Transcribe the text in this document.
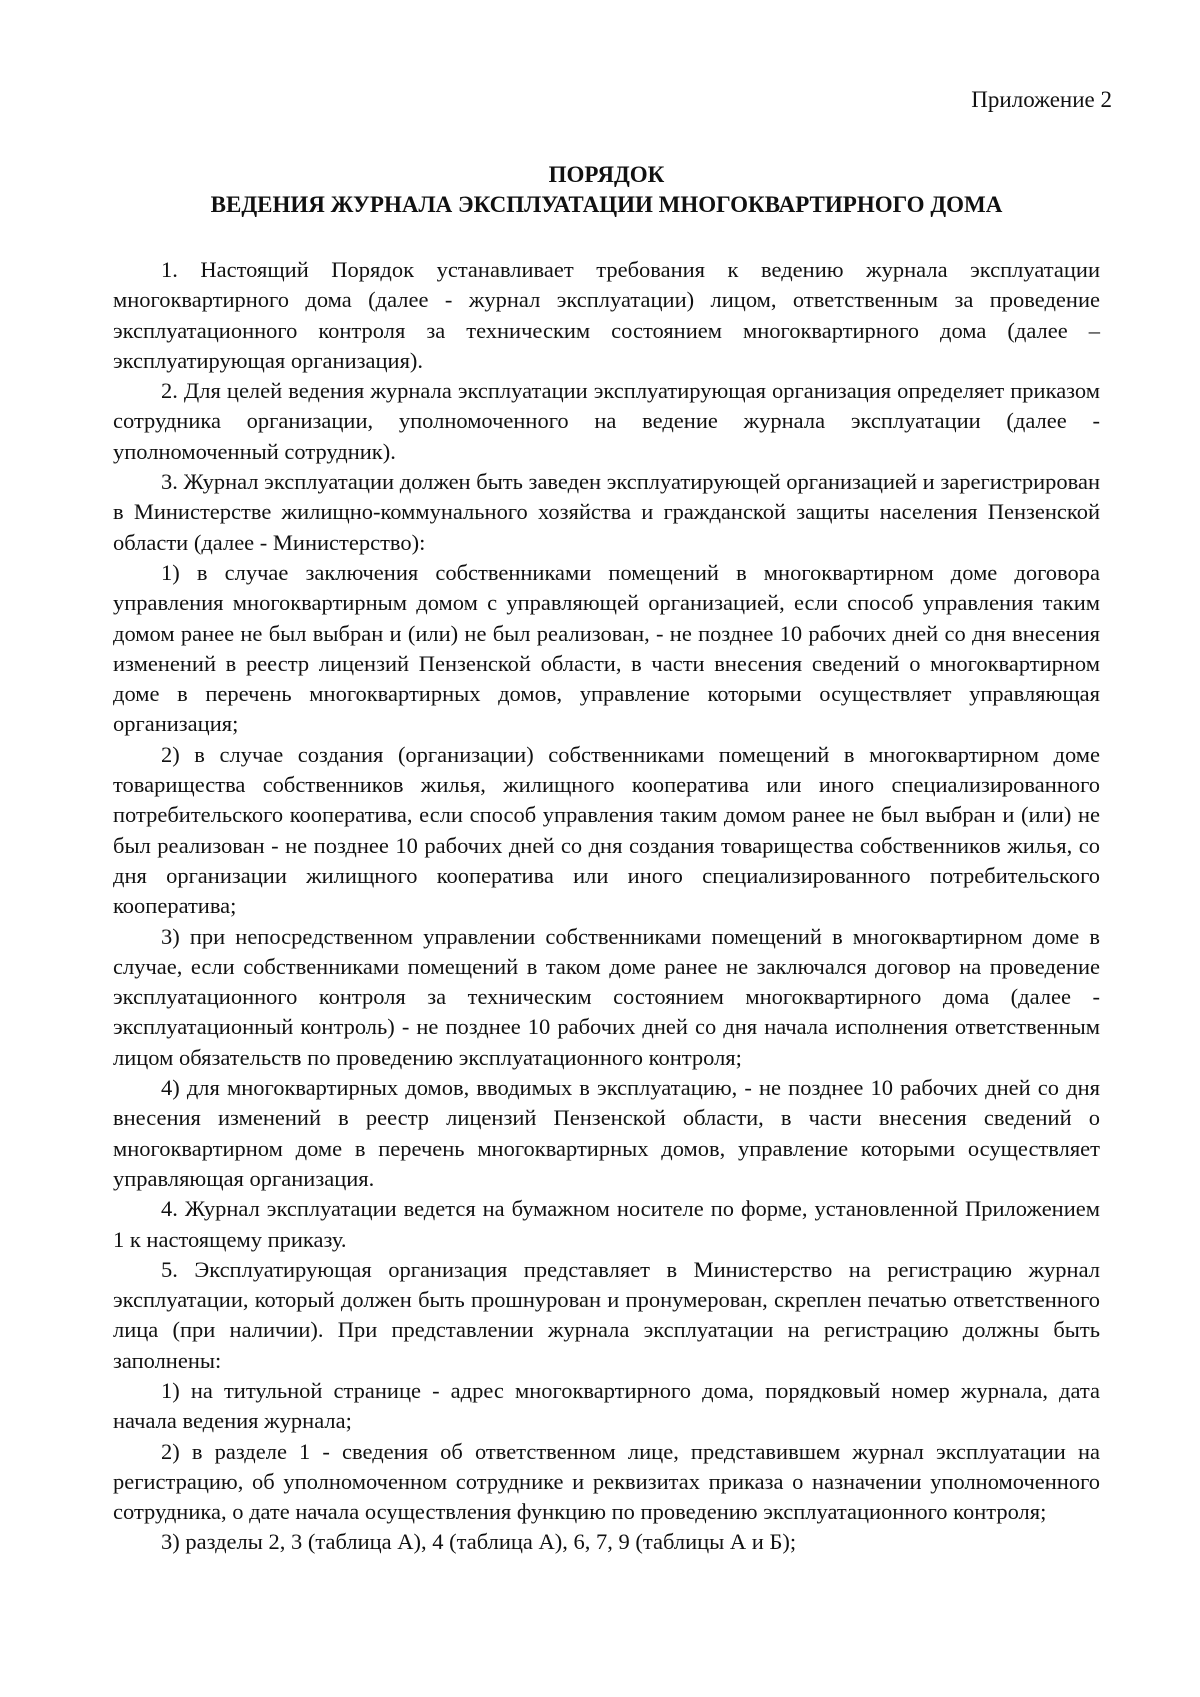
Приложение 2
ПОРЯДОК
ВЕДЕНИЯ ЖУРНАЛА ЭКСПЛУАТАЦИИ МНОГОКВАРТИРНОГО ДОМА

1. Настоящий Порядок устанавливает требования к ведению журнала эксплуатации многоквартирного дома (далее - журнал эксплуатации) лицом, ответственным за проведение эксплуатационного контроля за техническим состоянием многоквартирного дома (далее – эксплуатирующая организация).

2. Для целей ведения журнала эксплуатации эксплуатирующая организация определяет приказом сотрудника организации, уполномоченного на ведение журнала эксплуатации (далее - уполномоченный сотрудник).

3. Журнал эксплуатации должен быть заведен эксплуатирующей организацией и зарегистрирован в Министерстве жилищно-коммунального хозяйства и гражданской защиты населения Пензенской области (далее - Министерство):

1) в случае заключения собственниками помещений в многоквартирном доме договора управления многоквартирным домом с управляющей организацией, если способ управления таким домом ранее не был выбран и (или) не был реализован, - не позднее 10 рабочих дней со дня внесения изменений в реестр лицензий Пензенской области, в части внесения сведений о многоквартирном доме в перечень многоквартирных домов, управление которыми осуществляет управляющая организация;

2) в случае создания (организации) собственниками помещений в многоквартирном доме товарищества собственников жилья, жилищного кооператива или иного специализированного потребительского кооператива, если способ управления таким домом ранее не был выбран и (или) не был реализован - не позднее 10 рабочих дней со дня создания товарищества собственников жилья, со дня организации жилищного кооператива или иного специализированного потребительского кооператива;

3) при непосредственном управлении собственниками помещений в многоквартирном доме в случае, если собственниками помещений в таком доме ранее не заключался договор на проведение эксплуатационного контроля за техническим состоянием многоквартирного дома (далее - эксплуатационный контроль) - не позднее 10 рабочих дней со дня начала исполнения ответственным лицом обязательств по проведению эксплуатационного контроля;

4) для многоквартирных домов, вводимых в эксплуатацию, - не позднее 10 рабочих дней со дня внесения изменений в реестр лицензий Пензенской области, в части внесения сведений о многоквартирном доме в перечень многоквартирных домов, управление которыми осуществляет управляющая организация.

4. Журнал эксплуатации ведется на бумажном носителе по форме, установленной Приложением 1 к настоящему приказу.

5. Эксплуатирующая организация представляет в Министерство на регистрацию журнал эксплуатации, который должен быть прошнурован и пронумерован, скреплен печатью ответственного лица (при наличии). При представлении журнала эксплуатации на регистрацию должны быть заполнены:

1) на титульной странице - адрес многоквартирного дома, порядковый номер журнала, дата начала ведения журнала;

2) в разделе 1 - сведения об ответственном лице, представившем журнал эксплуатации на регистрацию, об уполномоченном сотруднике и реквизитах приказа о назначении уполномоченного сотрудника, о дате начала осуществления функцию по проведению эксплуатационного контроля;

3) разделы 2, 3 (таблица А), 4 (таблица А), 6, 7, 9 (таблицы А и Б);
